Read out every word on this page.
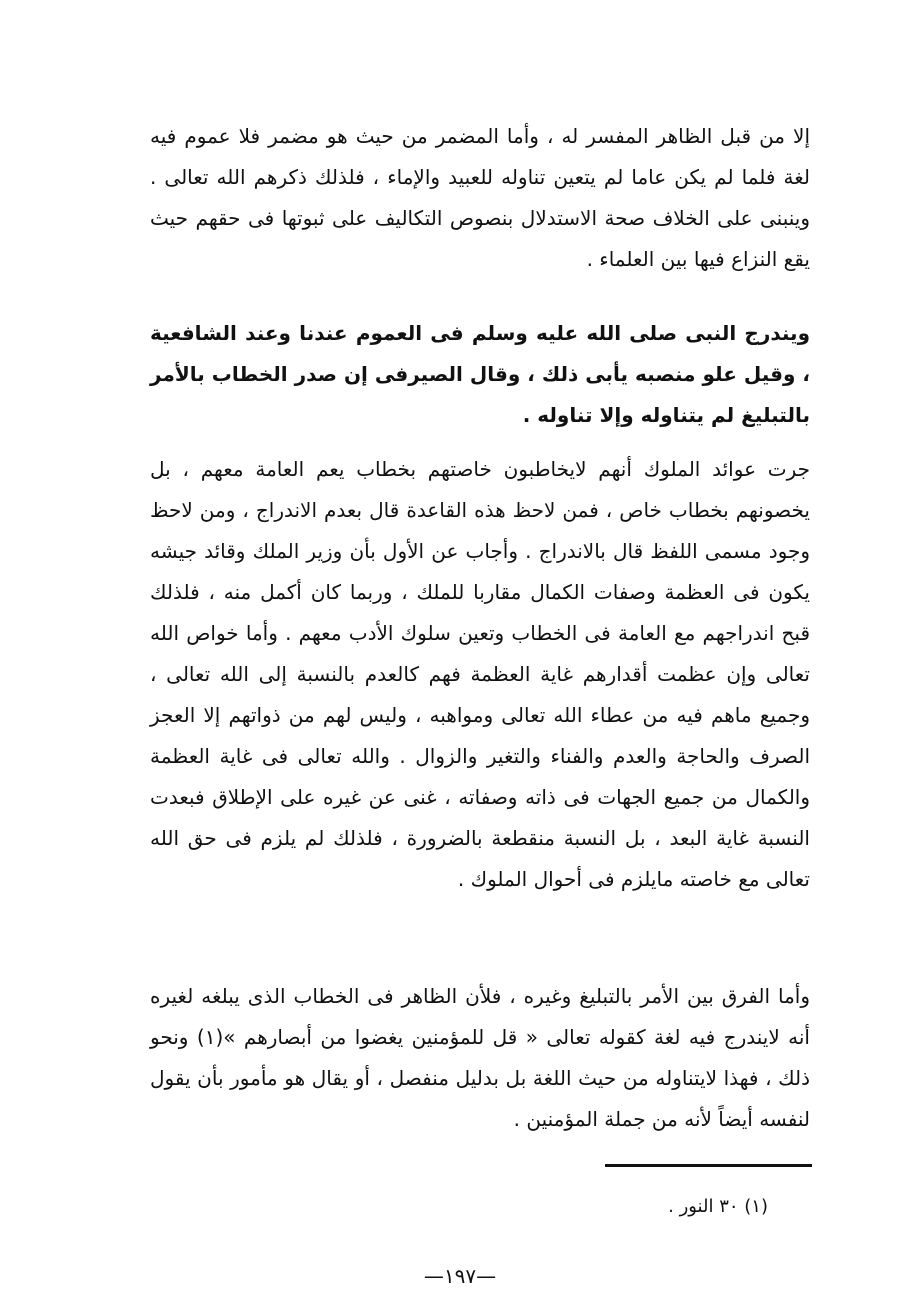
إلا من قبل الظاهر المفسر له ، وأما المضمر من حيث هو مضمر فلا عموم فيه لغة فلما لم يكن عاما لم يتعين تناوله للعبيد والإماء ، فلذلك ذكرهم الله تعالى . وينبنى على الخلاف صحة الاستدلال بنصوص التكاليف على ثبوتها فى حقهم حيث يقع النزاع فيها بين العلماء .

ويندرج النبى صلى الله عليه وسلم فى العموم عندنا وعند الشافعية ، وقيل علو منصبه يأبى ذلك ، وقال الصيرفى إن صدر الخطاب بالأمر بالتبليغ لم يتناوله وإلا تناوله .

جرت عوائد الملوك أنهم لايخاطبون خاصتهم بخطاب يعم العامة معهم ، بل يخصونهم بخطاب خاص ، فمن لاحظ هذه القاعدة قال بعدم الاندراج ، ومن لاحظ وجود مسمى اللفظ قال بالاندراج . وأجاب عن الأول بأن وزير الملك وقائد جيشه يكون فى العظمة وصفات الكمال مقاربا للملك ، وربما كان أكمل منه ، فلذلك قبح اندراجهم مع العامة فى الخطاب وتعين سلوك الأدب معهم . وأما خواص الله تعالى وإن عظمت أقدارهم غاية العظمة فهم كالعدم بالنسبة إلى الله تعالى ، وجميع ماهم فيه من عطاء الله تعالى ومواهبه ، وليس لهم من ذواتهم إلا العجز الصرف والحاجة والعدم والفناء والتغير والزوال . والله تعالى فى غاية العظمة والكمال من جميع الجهات فى ذاته وصفاته ، غنى عن غيره على الإطلاق فبعدت النسبة غاية البعد ، بل النسبة منقطعة بالضرورة ، فلذلك لم يلزم فى حق الله تعالى مع خاصته مايلزم فى أحوال الملوك .

وأما الفرق بين الأمر بالتبليغ وغيره ، فلأن الظاهر فى الخطاب الذى يبلغه لغيره أنه لايندرج فيه لغة كقوله تعالى « قل للمؤمنين يغضوا من أبصارهم »(١) ونحو ذلك ، فهذا لايتناوله من حيث اللغة بل بدليل منفصل ، أو يقال هو مأمور بأن يقول لنفسه أيضاً لأنه من جملة المؤمنين .

(١) ٣٠ النور .
—١٩٧—
